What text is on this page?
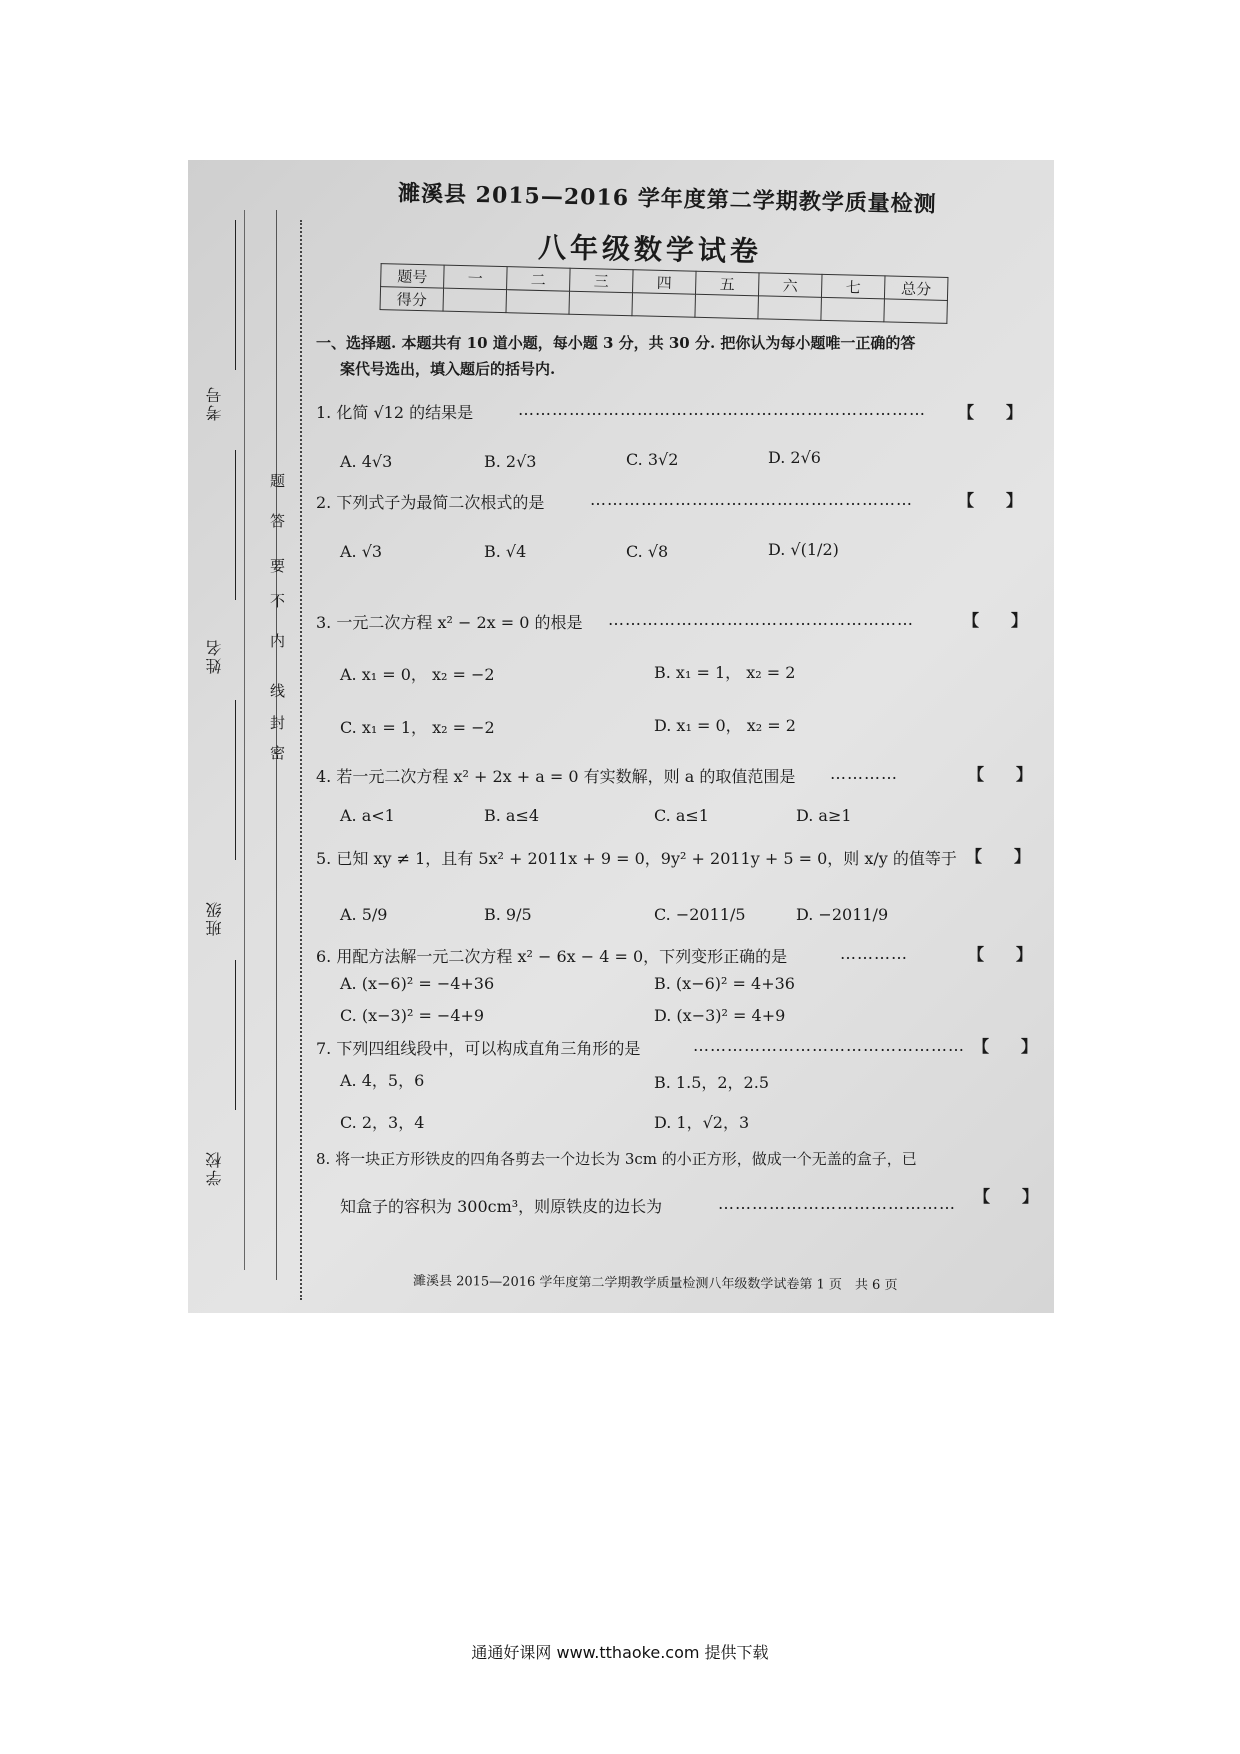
考号
姓名
班级
学校
密
封
线
内
不
要
答
题
濉溪县 2015—2016 学年度第二学期教学质量检测
八年级数学试卷
题号	一	二	三	四	五	六	七	总分
得分								
一、选择题. 本题共有 10 道小题，每小题 3 分，共 30 分. 把你认为每小题唯一正确的答
案代号选出，填入题后的括号内.
1. 化简 √12 的结果是	……………………………………………………………… 【　　】
A. 4√3	B. 2√3	C. 3√2	D. 2√6
2. 下列式子为最简二次根式的是	…………………………………………………	【　　】
A. √3	B. √4	C. √8	D. √(1/2)
3. 一元二次方程 x² − 2x = 0 的根是 ………………………………………………	【　　】
A. x₁ = 0， x₂ = −2	B. x₁ = 1， x₂ = 2
C. x₁ = 1， x₂ = −2	D. x₁ = 0， x₂ = 2
4. 若一元二次方程 x² + 2x + a = 0 有实数解，则 a 的取值范围是 …………	【　　】
A. a<1	B. a≤4	C. a≤1	D. a≥1
5. 已知 xy ≠ 1，且有 5x² + 2011x + 9 = 0，9y² + 2011y + 5 = 0，则 x/y 的值等于 【　　】
A. 5/9	B. 9/5	C. −2011/5	D. −2011/9
6. 用配方法解一元二次方程 x² − 6x − 4 = 0，下列变形正确的是	…………	【　　】
A. (x−6)² = −4+36	B. (x−6)² = 4+36
C. (x−3)² = −4+9	D. (x−3)² = 4+9
7. 下列四组线段中，可以构成直角三角形的是	………………………………………… 【　　】
A. 4，5，6	B. 1.5，2，2.5
C. 2，3，4	D. 1，√2，3
8. 将一块正方形铁皮的四角各剪去一个边长为 3cm 的小正方形，做成一个无盖的盒子，已
知盒子的容积为 300cm³，则原铁皮的边长为	…………………………………… 【　　】
濉溪县 2015—2016 学年度第二学期教学质量检测八年级数学试卷第 1 页　共 6 页
通通好课网 www.tthaoke.com 提供下载
